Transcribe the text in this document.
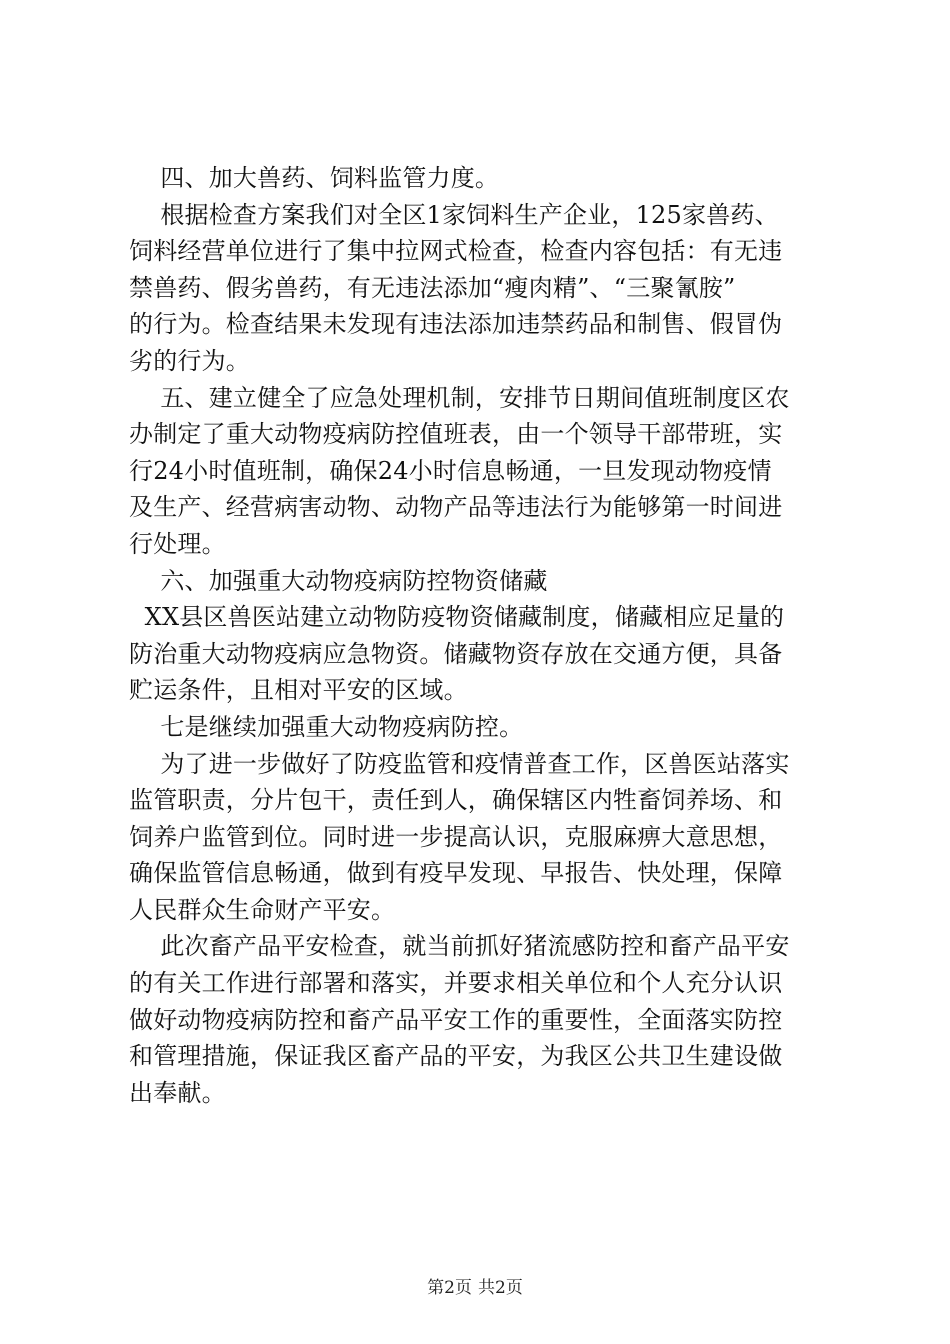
四、加大兽药、饲料监管力度。
根据检查方案我们对全区1家饲料生产企业，125家兽药、
饲料经营单位进行了集中拉网式检查，检查内容包括：有无违
禁兽药、假劣兽药，有无违法添加“瘦肉精”、“三聚氰胺”
的行为。检查结果未发现有违法添加违禁药品和制售、假冒伪
劣的行为。
五、建立健全了应急处理机制，安排节日期间值班制度区农
办制定了重大动物疫病防控值班表，由一个领导干部带班，实
行24小时值班制，确保24小时信息畅通，一旦发现动物疫情
及生产、经营病害动物、动物产品等违法行为能够第一时间进
行处理。
六、加强重大动物疫病防控物资储藏
XX县区兽医站建立动物防疫物资储藏制度，储藏相应足量的
防治重大动物疫病应急物资。储藏物资存放在交通方便，具备
贮运条件，且相对平安的区域。
七是继续加强重大动物疫病防控。
为了进一步做好了防疫监管和疫情普查工作，区兽医站落实
监管职责，分片包干，责任到人，确保辖区内牲畜饲养场、和
饲养户监管到位。同时进一步提高认识，克服麻痹大意思想，
确保监管信息畅通，做到有疫早发现、早报告、快处理，保障
人民群众生命财产平安。
此次畜产品平安检查，就当前抓好猪流感防控和畜产品平安
的有关工作进行部署和落实，并要求相关单位和个人充分认识
做好动物疫病防控和畜产品平安工作的重要性，全面落实防控
和管理措施，保证我区畜产品的平安，为我区公共卫生建设做
出奉献。
第2页 共2页
